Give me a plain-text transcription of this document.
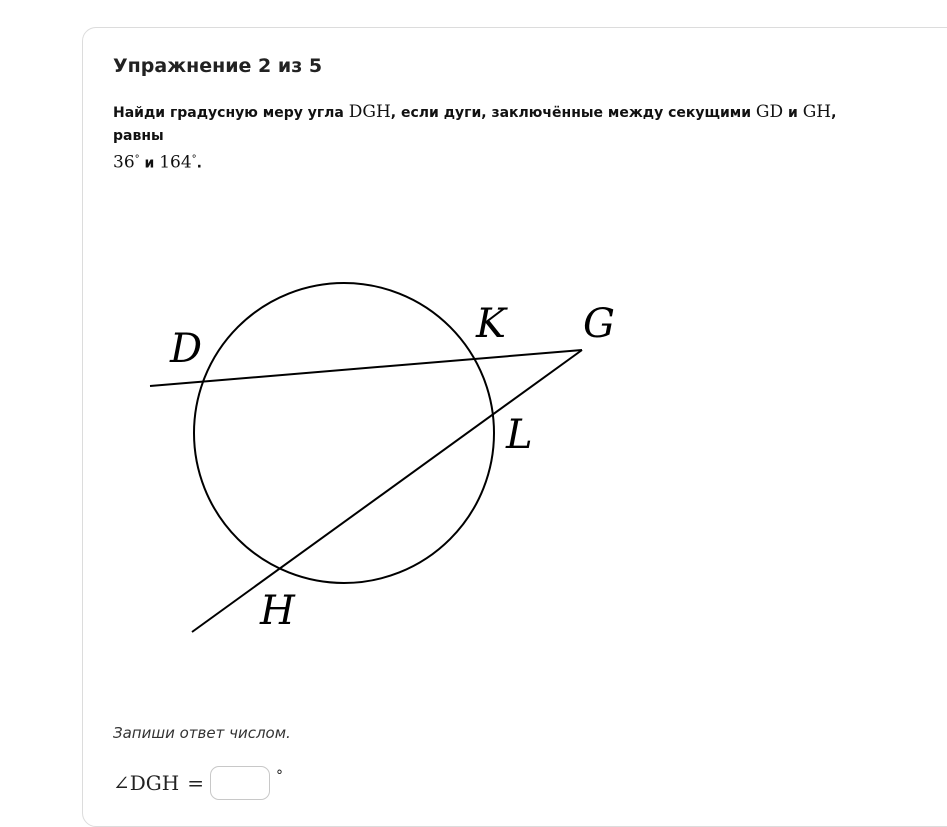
Упражнение 2 из 5
Найди градусную меру угла DGH, если дуги, заключённые между секущими GD и GH, равны
36° и 164°.
D
K G
L
H
Запиши ответ числом.
∠DGH =	°
